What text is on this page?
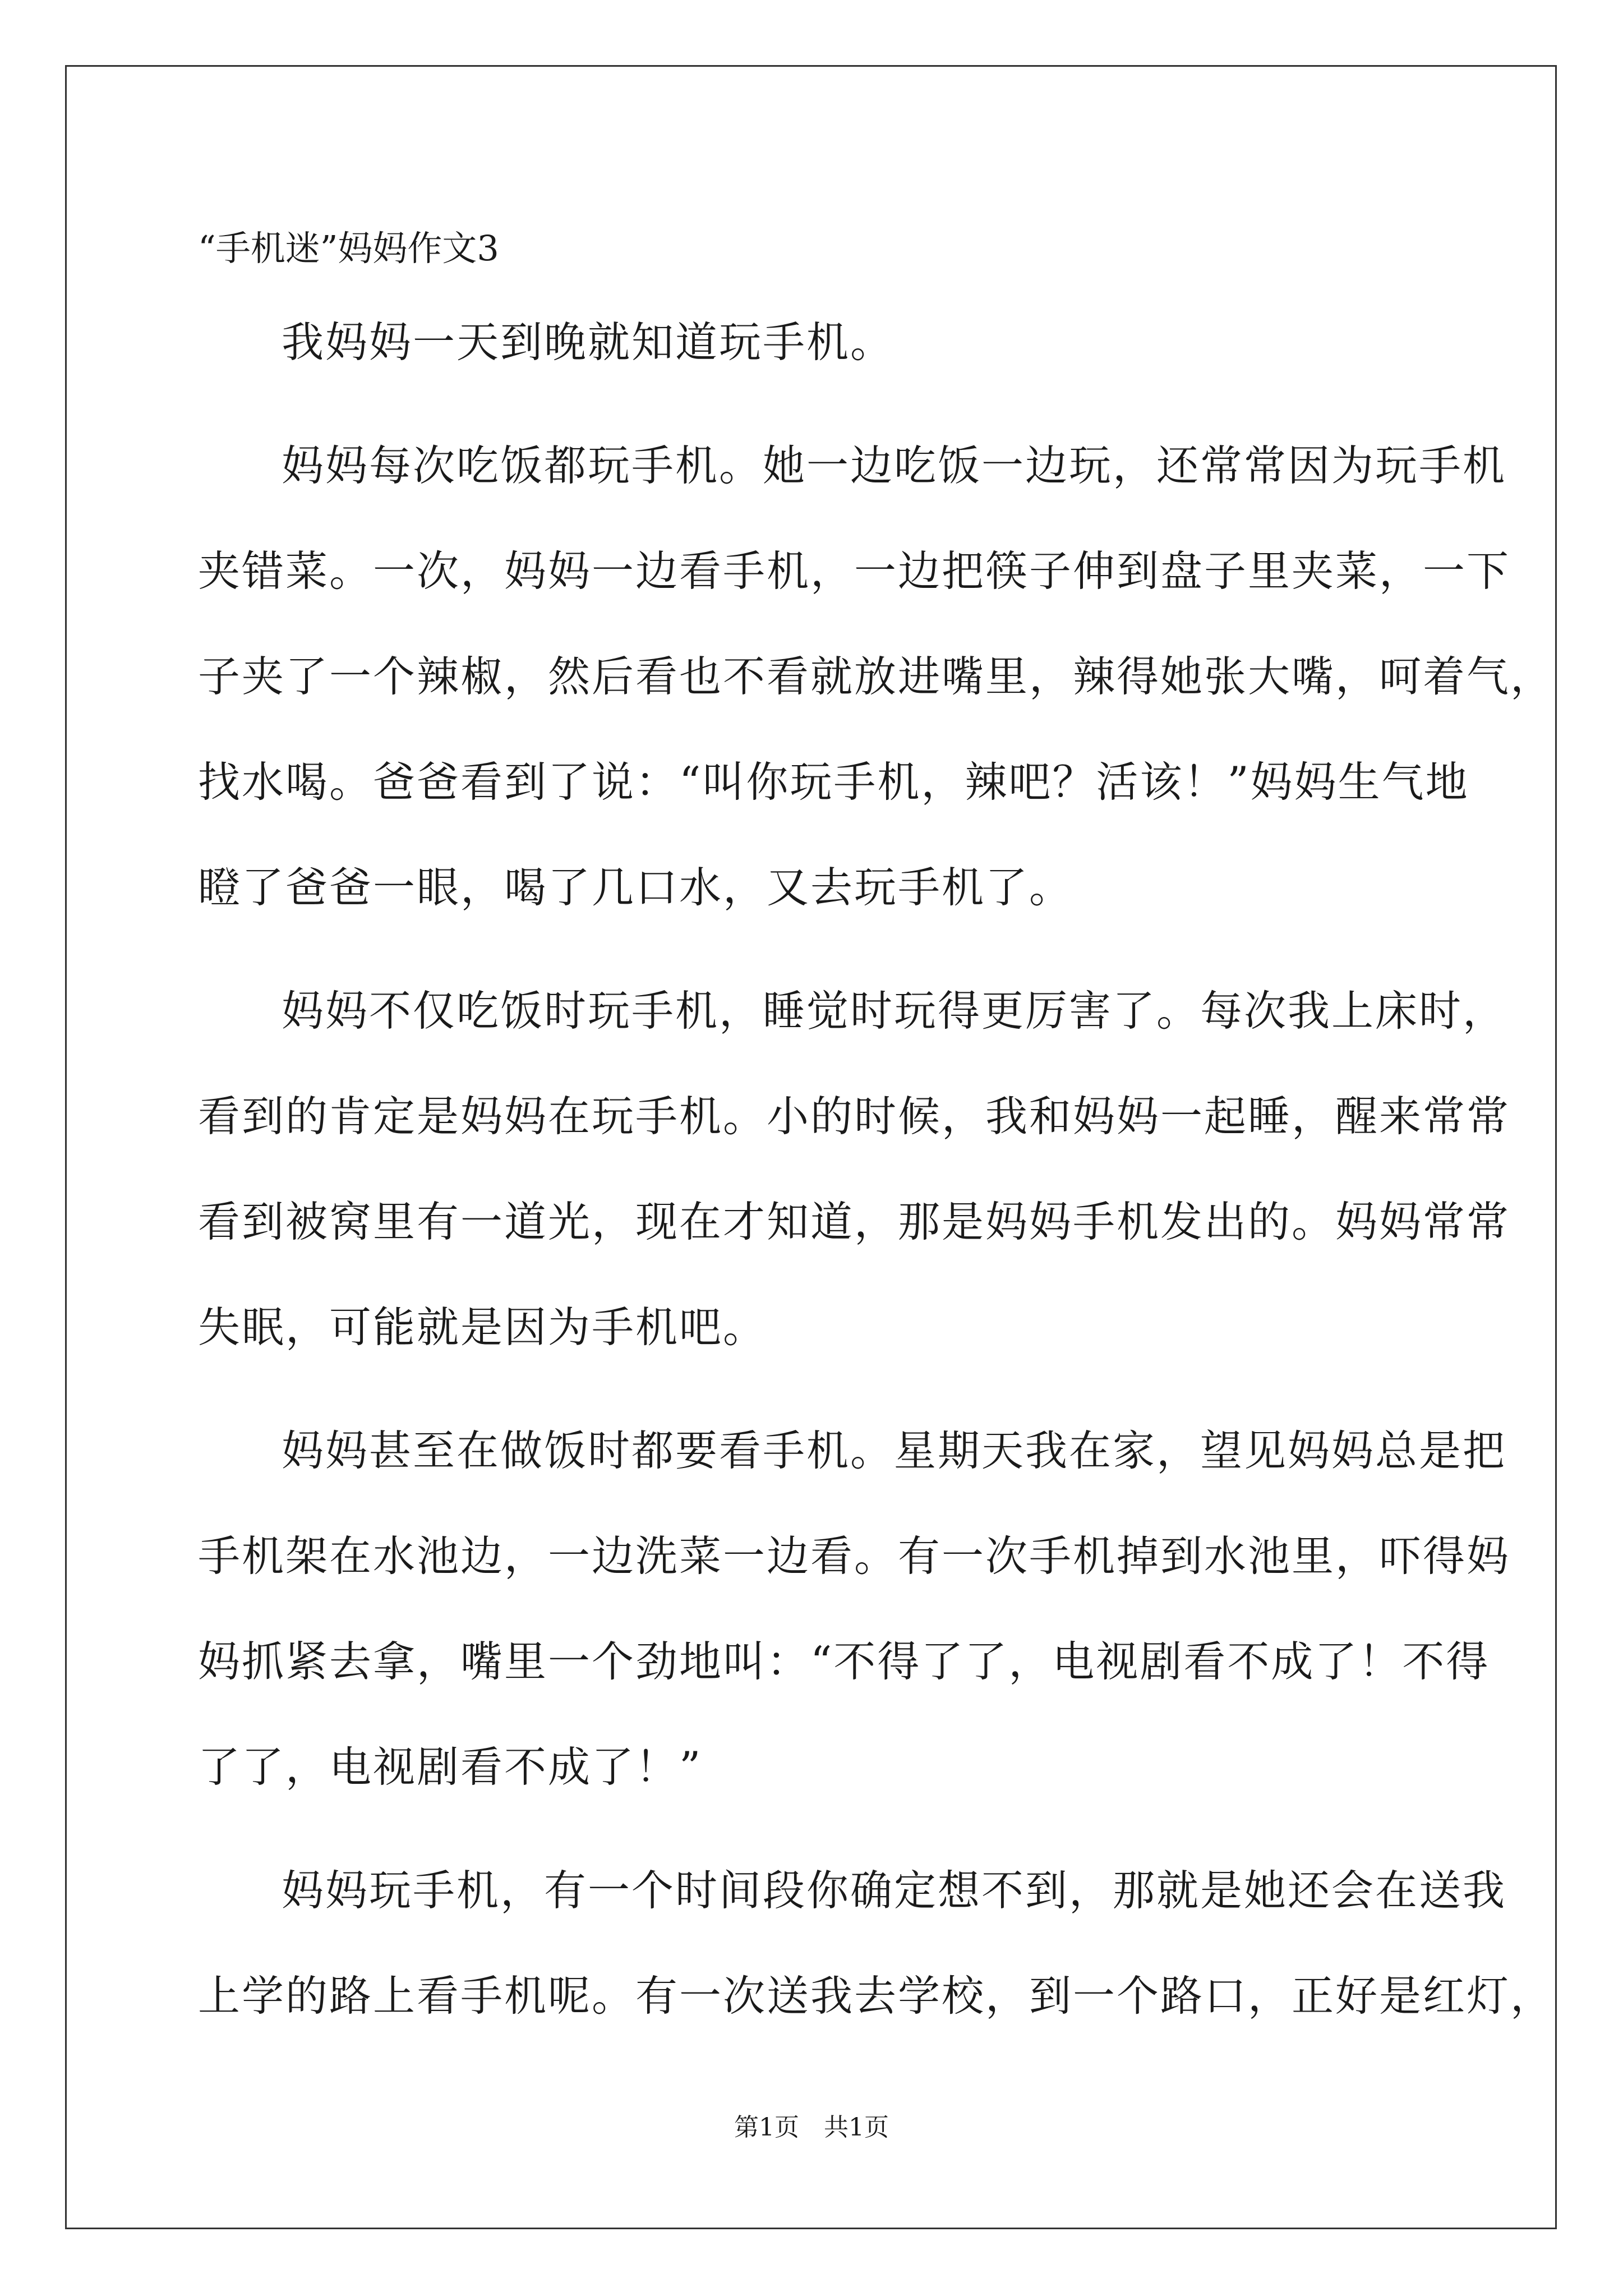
“手机迷”妈妈作文3
我妈妈一天到晚就知道玩手机。
妈妈每次吃饭都玩手机。她一边吃饭一边玩，还常常因为玩手机
夹错菜。一次，妈妈一边看手机，一边把筷子伸到盘子里夹菜，一下
子夹了一个辣椒，然后看也不看就放进嘴里，辣得她张大嘴，呵着气，
找水喝。爸爸看到了说：“叫你玩手机，辣吧？活该！”妈妈生气地
瞪了爸爸一眼，喝了几口水，又去玩手机了。
妈妈不仅吃饭时玩手机，睡觉时玩得更厉害了。每次我上床时，
看到的肯定是妈妈在玩手机。小的时候，我和妈妈一起睡，醒来常常
看到被窝里有一道光，现在才知道，那是妈妈手机发出的。妈妈常常
失眠，可能就是因为手机吧。
妈妈甚至在做饭时都要看手机。星期天我在家，望见妈妈总是把
手机架在水池边，一边洗菜一边看。有一次手机掉到水池里，吓得妈
妈抓紧去拿，嘴里一个劲地叫：“不得了了，电视剧看不成了！不得
了了，电视剧看不成了！”
妈妈玩手机，有一个时间段你确定想不到，那就是她还会在送我
上学的路上看手机呢。有一次送我去学校，到一个路口，正好是红灯，
第1页　共1页
